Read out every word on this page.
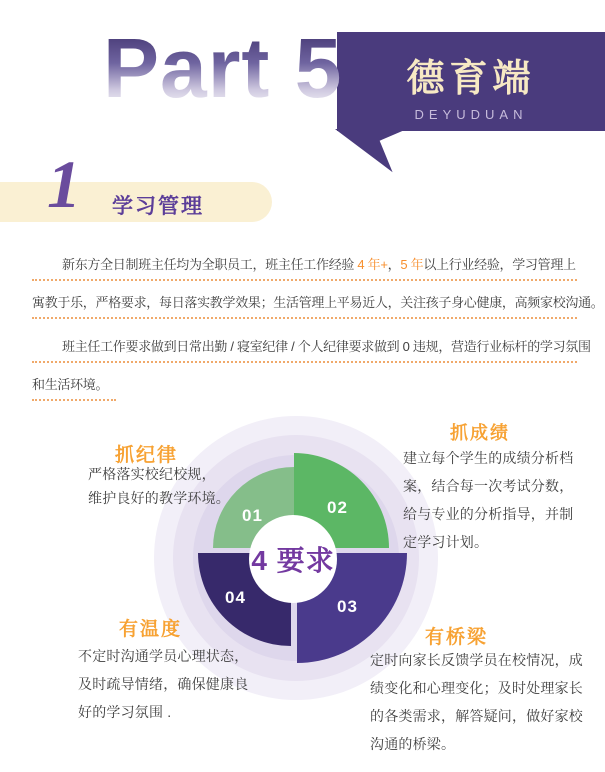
德育端
DEYUDUAN
Part 5
1 学习管理
新东方全日制班主任均为全职员工，班主任工作经验 4 年+，5 年以上行业经验，学习管理上
寓教于乐，严格要求，每日落实教学效果；生活管理上平易近人，关注孩子身心健康，高频家校沟通。
班主任工作要求做到日常出勤 / 寝室纪律 / 个人纪律要求做到 0 违规，营造行业标杆的学习氛围
和生活环境。
01	02
03
04
4 要求
抓纪律
严格落实校纪校规，
维护良好的教学环境。
抓成绩
建立每个学生的成绩分析档
案，结合每一次考试分数，
给与专业的分析指导，并制
定学习计划。
有温度
不定时沟通学员心理状态，
及时疏导情绪，确保健康良
好的学习氛围 .
有桥梁
定时向家长反馈学员在校情况，成
绩变化和心理变化；及时处理家长
的各类需求，解答疑问，做好家校
沟通的桥梁。
